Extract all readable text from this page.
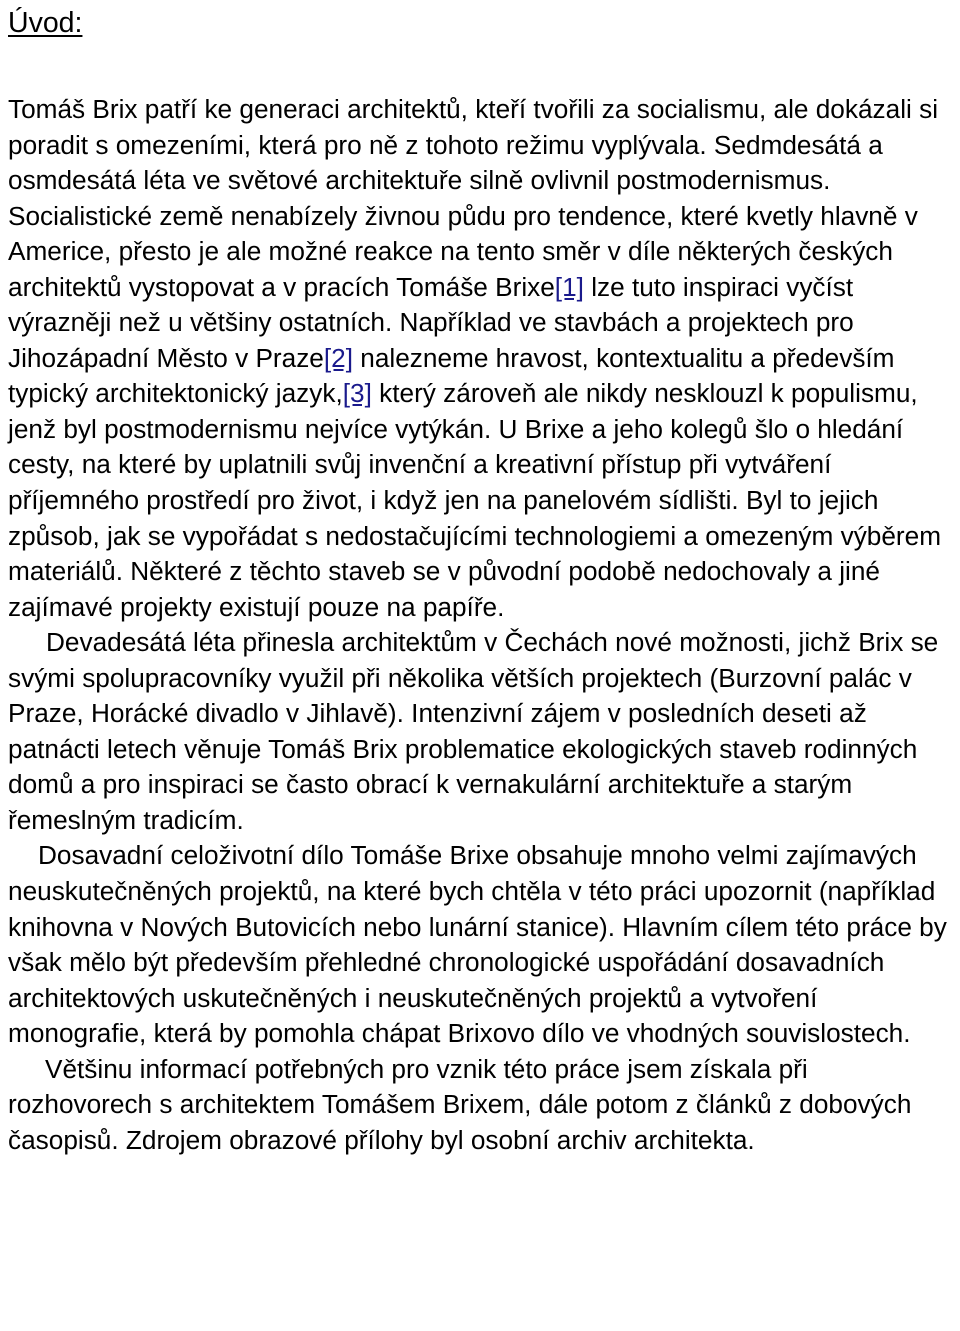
Úvod:

Tomáš Brix patří ke generaci architektů, kteří tvořili za socialismu, ale dokázali si poradit s omezeními, která pro ně z tohoto režimu vyplývala. Sedmdesátá a osmdesátá léta ve světové architektuře silně ovlivnil postmodernismus. Socialistické země nenabízely živnou půdu pro tendence, které kvetly hlavně v Americe, přesto je ale možné reakce na tento směr v díle některých českých architektů vystopovat a v pracích Tomáše Brixe[1] lze tuto inspiraci vyčíst výrazněji než u většiny ostatních. Například ve stavbách a projektech pro Jihozápadní Město v Praze[2] nalezneme hravost, kontextualitu a především typický architektonický jazyk,[3] který zároveň ale nikdy nesklouzl k populismu, jenž byl postmodernismu nejvíce vytýkán. U Brixe a jeho kolegů šlo o hledání cesty, na které by uplatnili svůj invenční a kreativní přístup při vytváření příjemného prostředí pro život, i když jen na panelovém sídlišti. Byl to jejich způsob, jak se vypořádat s nedostačujícími technologiemi a omezeným výběrem materiálů. Některé z těchto staveb se v původní podobě nedochovaly a jiné zajímavé projekty existují pouze na papíře.

Devadesátá léta přinesla architektům v Čechách nové možnosti, jichž Brix se svými spolupracovníky využil při několika větších projektech (Burzovní palác v Praze, Horácké divadlo v Jihlavě). Intenzivní zájem v posledních deseti až patnácti letech věnuje Tomáš Brix problematice ekologických staveb rodinných domů a pro inspiraci se často obrací k vernakulární architektuře a starým řemeslným tradicím.

Dosavadní celoživotní dílo Tomáše Brixe obsahuje mnoho velmi zajímavých neuskutečněných projektů, na které bych chtěla v této práci upozornit (například knihovna v Nových Butovicích nebo lunární stanice). Hlavním cílem této práce by však mělo být především přehledné chronologické uspořádání dosavadních architektových uskutečněných i neuskutečněných projektů a vytvoření monografie, která by pomohla chápat Brixovo dílo ve vhodných souvislostech.

Většinu informací potřebných pro vznik této práce jsem získala při rozhovorech s architektem Tomášem Brixem, dále potom z článků z dobových časopisů. Zdrojem obrazové přílohy byl osobní archiv architekta.
